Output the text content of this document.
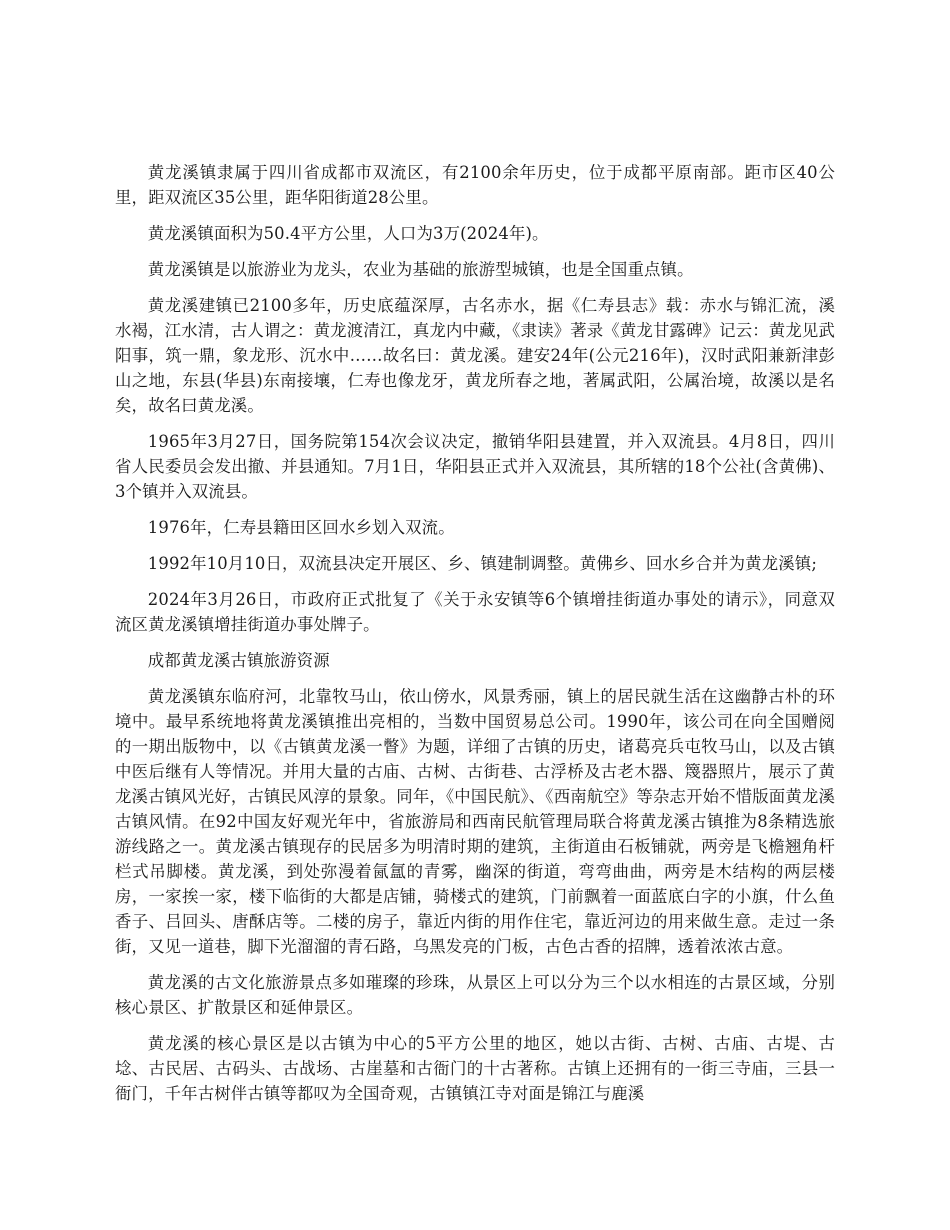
黄龙溪镇隶属于四川省成都市双流区，有2100余年历史，位于成都平原南部。距市区40公里，距双流区35公里，距华阳街道28公里。

黄龙溪镇面积为50.4平方公里，人口为3万(2024年)。

黄龙溪镇是以旅游业为龙头，农业为基础的旅游型城镇，也是全国重点镇。

黄龙溪建镇已2100多年，历史底蕴深厚，古名赤水，据《仁寿县志》载：赤水与锦汇流，溪水褐，江水清，古人谓之：黄龙渡清江，真龙内中藏，《隶读》著录《黄龙甘露碑》记云：黄龙见武阳事，筑一鼎，象龙形、沉水中……故名曰：黄龙溪。建安24年(公元216年)，汉时武阳兼新津彭山之地，东县(华县)东南接壤，仁寿也像龙牙，黄龙所春之地，著属武阳，公属治境，故溪以是名矣，故名曰黄龙溪。

1965年3月27日，国务院第154次会议决定，撤销华阳县建置，并入双流县。4月8日，四川省人民委员会发出撤、并县通知。7月1日，华阳县正式并入双流县，其所辖的18个公社(含黄佛)、3个镇并入双流县。

1976年，仁寿县籍田区回水乡划入双流。

1992年10月10日，双流县决定开展区、乡、镇建制调整。黄佛乡、回水乡合并为黄龙溪镇;

2024年3月26日，市政府正式批复了《关于永安镇等6个镇增挂街道办事处的请示》，同意双流区黄龙溪镇增挂街道办事处牌子。

成都黄龙溪古镇旅游资源

黄龙溪镇东临府河，北靠牧马山，依山傍水，风景秀丽，镇上的居民就生活在这幽静古朴的环境中。最早系统地将黄龙溪镇推出亮相的，当数中国贸易总公司。1990年，该公司在向全国赠阅的一期出版物中，以《古镇黄龙溪一瞥》为题，详细了古镇的历史，诸葛亮兵屯牧马山，以及古镇中医后继有人等情况。并用大量的古庙、古树、古街巷、古浮桥及古老木器、篾器照片，展示了黄龙溪古镇风光好，古镇民风淳的景象。同年，《中国民航》、《西南航空》等杂志开始不惜版面黄龙溪古镇风情。在92中国友好观光年中，省旅游局和西南民航管理局联合将黄龙溪古镇推为8条精选旅游线路之一。黄龙溪古镇现存的民居多为明清时期的建筑，主街道由石板铺就，两旁是飞檐翘角杆栏式吊脚楼。黄龙溪，到处弥漫着氤氲的青雾，幽深的街道，弯弯曲曲，两旁是木结构的两层楼房，一家挨一家，楼下临街的大都是店铺，骑楼式的建筑，门前飘着一面蓝底白字的小旗，什么鱼香子、吕回头、唐酥店等。二楼的房子，靠近内街的用作住宅，靠近河边的用来做生意。走过一条街，又见一道巷，脚下光溜溜的青石路，乌黑发亮的门板，古色古香的招牌，透着浓浓古意。

黄龙溪的古文化旅游景点多如璀璨的珍珠，从景区上可以分为三个以水相连的古景区域，分别核心景区、扩散景区和延伸景区。

黄龙溪的核心景区是以古镇为中心的5平方公里的地区，她以古街、古树、古庙、古堤、古埝、古民居、古码头、古战场、古崖墓和古衙门的十古著称。古镇上还拥有的一街三寺庙，三县一衙门，千年古树伴古镇等都叹为全国奇观，古镇镇江寺对面是锦江与鹿溪
